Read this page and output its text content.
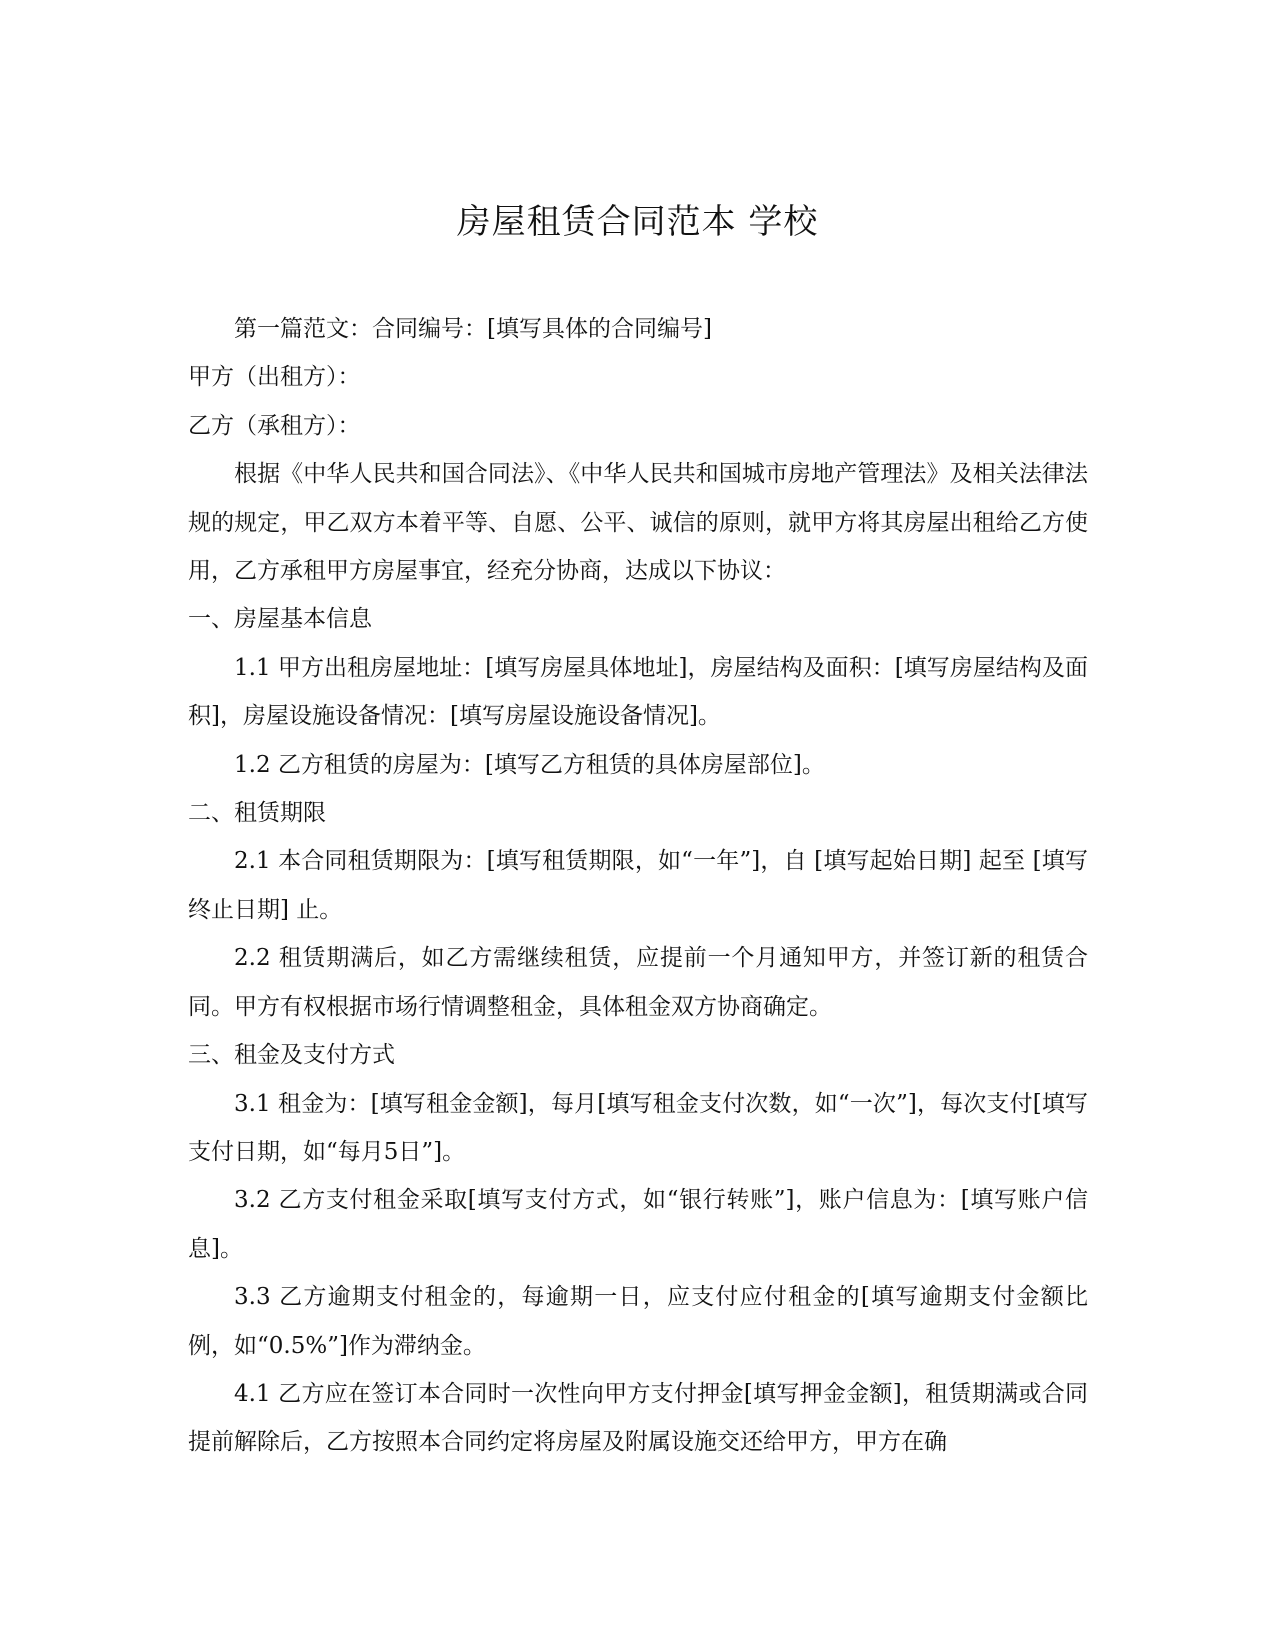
房屋租赁合同范本 学校

第一篇范文：合同编号：[填写具体的合同编号]

甲方（出租方）：

乙方（承租方）：

根据《中华人民共和国合同法》、《中华人民共和国城市房地产管理法》及相关法律法规的规定，甲乙双方本着平等、自愿、公平、诚信的原则，就甲方将其房屋出租给乙方使用，乙方承租甲方房屋事宜，经充分协商，达成以下协议：

一、房屋基本信息

1.1 甲方出租房屋地址：[填写房屋具体地址]，房屋结构及面积：[填写房屋结构及面积]，房屋设施设备情况：[填写房屋设施设备情况]。

1.2 乙方租赁的房屋为：[填写乙方租赁的具体房屋部位]。

二、租赁期限

2.1 本合同租赁期限为：[填写租赁期限，如“一年”]，自 [填写起始日期] 起至 [填写终止日期] 止。

2.2 租赁期满后，如乙方需继续租赁，应提前一个月通知甲方，并签订新的租赁合同。甲方有权根据市场行情调整租金，具体租金双方协商确定。

三、租金及支付方式

3.1 租金为：[填写租金金额]，每月[填写租金支付次数，如“一次”]，每次支付[填写支付日期，如“每月5日”]。

3.2 乙方支付租金采取[填写支付方式，如“银行转账”]，账户信息为：[填写账户信息]。

3.3 乙方逾期支付租金的，每逾期一日，应支付应付租金的[填写逾期支付金额比例，如“0.5%”]作为滞纳金。

4.1 乙方应在签订本合同时一次性向甲方支付押金[填写押金金额]，租赁期满或合同提前解除后，乙方按照本合同约定将房屋及附属设施交还给甲方，甲方在确
